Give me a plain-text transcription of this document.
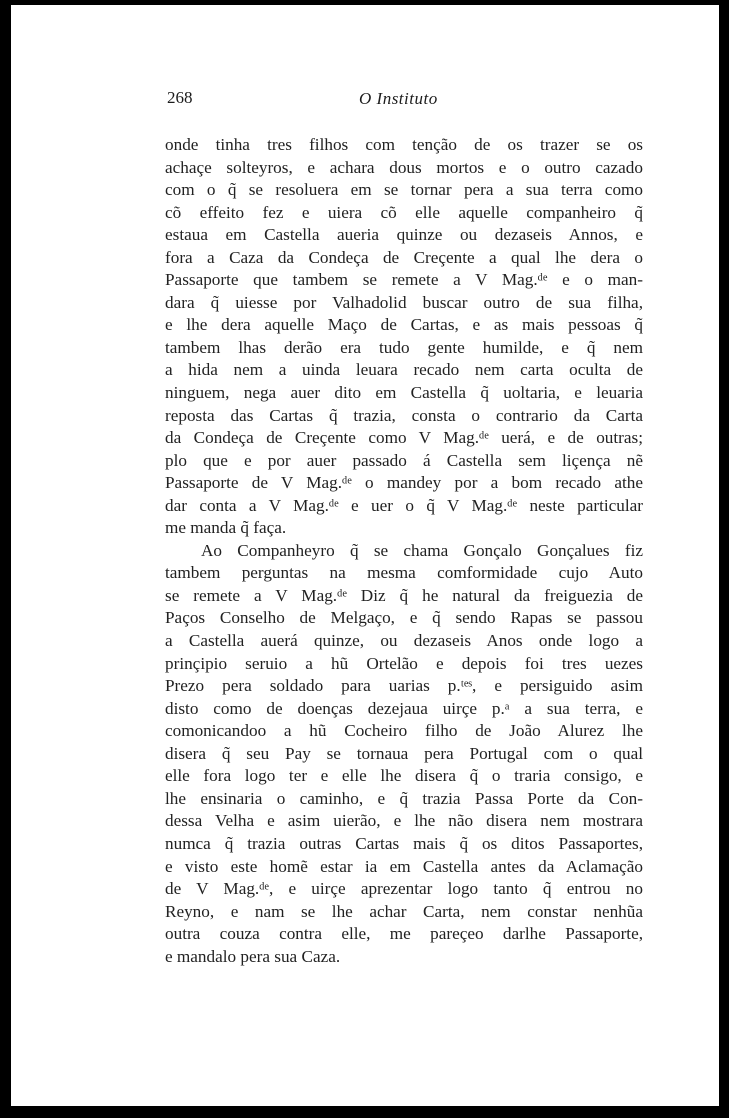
268	O Instituto
onde tinha tres filhos com tenção de os trazer se os
achaçe solteyros, e achara dous mortos e o outro cazado
com o q̃ se resoluera em se tornar pera a sua terra como
cõ effeito fez e uiera cõ elle aquelle companheiro q̃
estaua em Castella aueria quinze ou dezaseis Annos, e
fora a Caza da Condeça de Creçente a qual lhe dera o
Passaporte que tambem se remete a V Mag.ᵈᵉ e o man-
dara q̃ uiesse por Valhadolid buscar outro de sua filha,
e lhe dera aquelle Maço de Cartas, e as mais pessoas q̃
tambem lhas derão era tudo gente humilde, e q̃ nem
a hida nem a uinda leuara recado nem carta oculta de
ninguem, nega auer dito em Castella q̃ uoltaria, e leuaria
reposta das Cartas q̃ trazia, consta o contrario da Carta
da Condeça de Creçente como V Mag.ᵈᵉ uerá, e de outras;
plo que e por auer passado á Castella sem liçença nẽ
Passaporte de V Mag.ᵈᵉ o mandey por a bom recado athe
dar conta a V Mag.ᵈᵉ e uer o q̃ V Mag.ᵈᵉ neste particular
me manda q̃ faça.
Ao Companheyro q̃ se chama Gonçalo Gonçalues fiz
tambem perguntas na mesma comformidade cujo Auto
se remete a V Mag.ᵈᵉ Diz q̃ he natural da freiguezia de
Paços Conselho de Melgaço, e q̃ sendo Rapas se passou
a Castella auerá quinze, ou dezaseis Anos onde logo a
prinçipio seruio a hũ Ortelão e depois foi tres uezes
Prezo pera soldado para uarias p.ᵗᵉˢ, e persiguido asim
disto como de doenças dezejaua uirçe p.ᵃ a sua terra, e
comonicandoo a hũ Cocheiro filho de João Alurez lhe
disera q̃ seu Pay se tornaua pera Portugal com o qual
elle fora logo ter e elle lhe disera q̃ o traria consigo, e
lhe ensinaria o caminho, e q̃ trazia Passa Porte da Con-
dessa Velha e asim uierão, e lhe não disera nem mostrara
numca q̃ trazia outras Cartas mais q̃ os ditos Passaportes,
e visto este homẽ estar ia em Castella antes da Aclamação
de V Mag.ᵈᵉ, e uirçe aprezentar logo tanto q̃ entrou no
Reyno, e nam se lhe achar Carta, nem constar nenhũa
outra couza contra elle, me pareçeo darlhe Passaporte,
e mandalo pera sua Caza.
